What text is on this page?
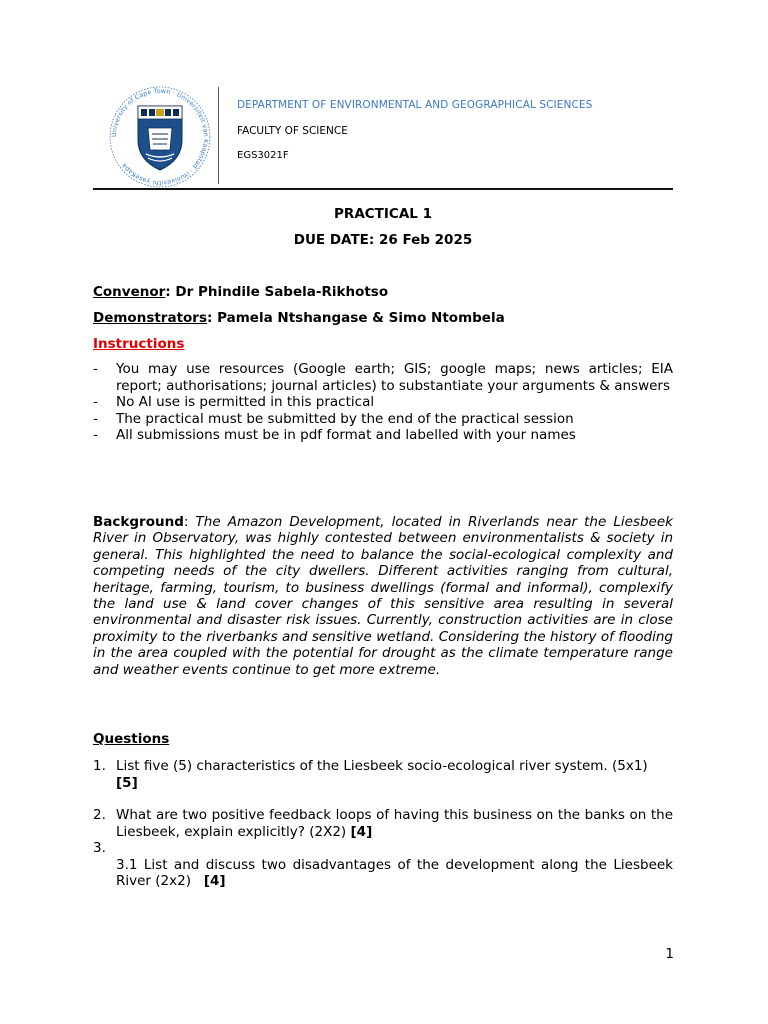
University of Cape Town · Universiteit van Kaapstad · iYunivesithi yaseKapa
DEPARTMENT OF ENVIRONMENTAL AND GEOGRAPHICAL SCIENCES
FACULTY OF SCIENCE
EGS3021F
PRACTICAL 1
DUE DATE: 26 Feb 2025
Convenor: Dr Phindile Sabela-Rikhotso
Demonstrators: Pamela Ntshangase & Simo Ntombela
Instructions
You may use resources (Google earth; GIS; google maps; news articles; EIA report; authorisations; journal articles) to substantiate your arguments & answers
No AI use is permitted in this practical
The practical must be submitted by the end of the practical session
All submissions must be in pdf format and labelled with your names
Background: The Amazon Development, located in Riverlands near the Liesbeek River in Observatory, was highly contested between environmentalists & society in general. This highlighted the need to balance the social-ecological complexity and competing needs of the city dwellers. Different activities ranging from cultural, heritage, farming, tourism, to business dwellings (formal and informal), complexify the land use & land cover changes of this sensitive area resulting in several environmental and disaster risk issues. Currently, construction activities are in close proximity to the riverbanks and sensitive wetland. Considering the history of flooding in the area coupled with the potential for drought as the climate temperature range and weather events continue to get more extreme.
Questions
1. List five (5) characteristics of the Liesbeek socio-ecological river system. (5x1)
[5]
2. What are two positive feedback loops of having this business on the banks on the Liesbeek, explain explicitly? (2X2) [4]
3.
3.1 List and discuss two disadvantages of the development along the Liesbeek River (2x2) [4]
1
